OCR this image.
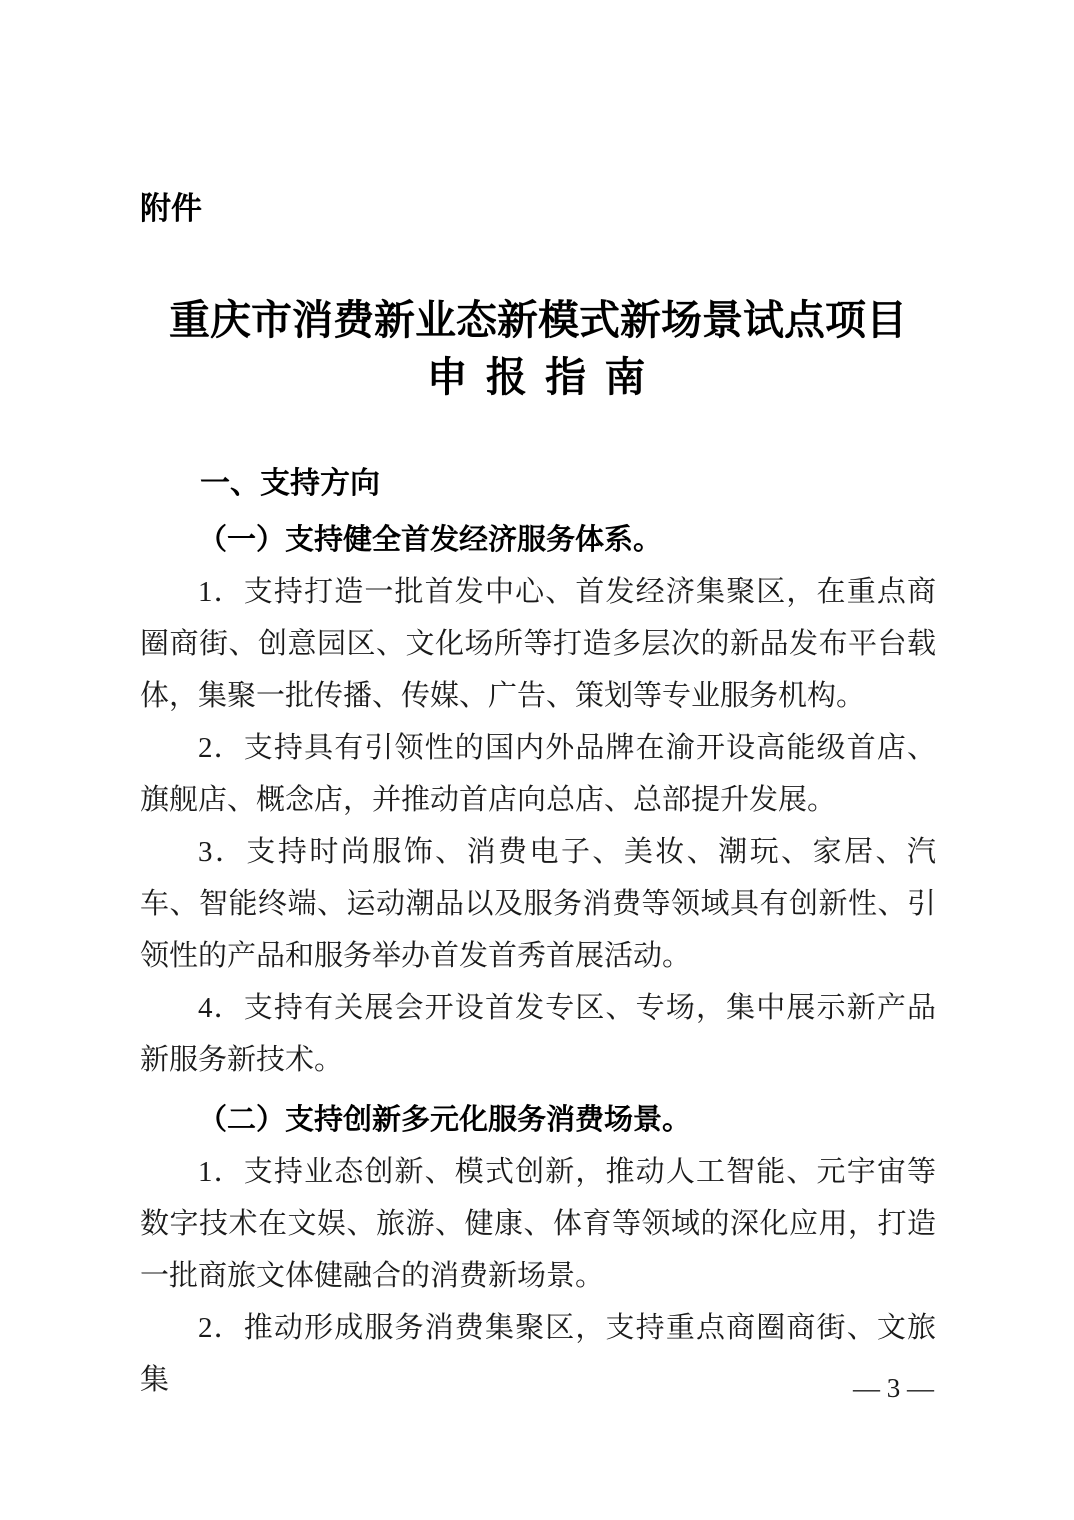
附件
重庆市消费新业态新模式新场景试点项目
申 报 指 南
一、支持方向
（一）支持健全首发经济服务体系。

1．支持打造一批首发中心、首发经济集聚区，在重点商圈商街、创意园区、文化场所等打造多层次的新品发布平台载体，集聚一批传播、传媒、广告、策划等专业服务机构。

2．支持具有引领性的国内外品牌在渝开设高能级首店、旗舰店、概念店，并推动首店向总店、总部提升发展。

3．支持时尚服饰、消费电子、美妆、潮玩、家居、汽车、智能终端、运动潮品以及服务消费等领域具有创新性、引领性的产品和服务举办首发首秀首展活动。

4．支持有关展会开设首发专区、专场，集中展示新产品新服务新技术。

（二）支持创新多元化服务消费场景。

1．支持业态创新、模式创新，推动人工智能、元宇宙等数字技术在文娱、旅游、健康、体育等领域的深化应用，打造一批商旅文体健融合的消费新场景。

2．推动形成服务消费集聚区，支持重点商圈商街、文旅集	— 3 —
